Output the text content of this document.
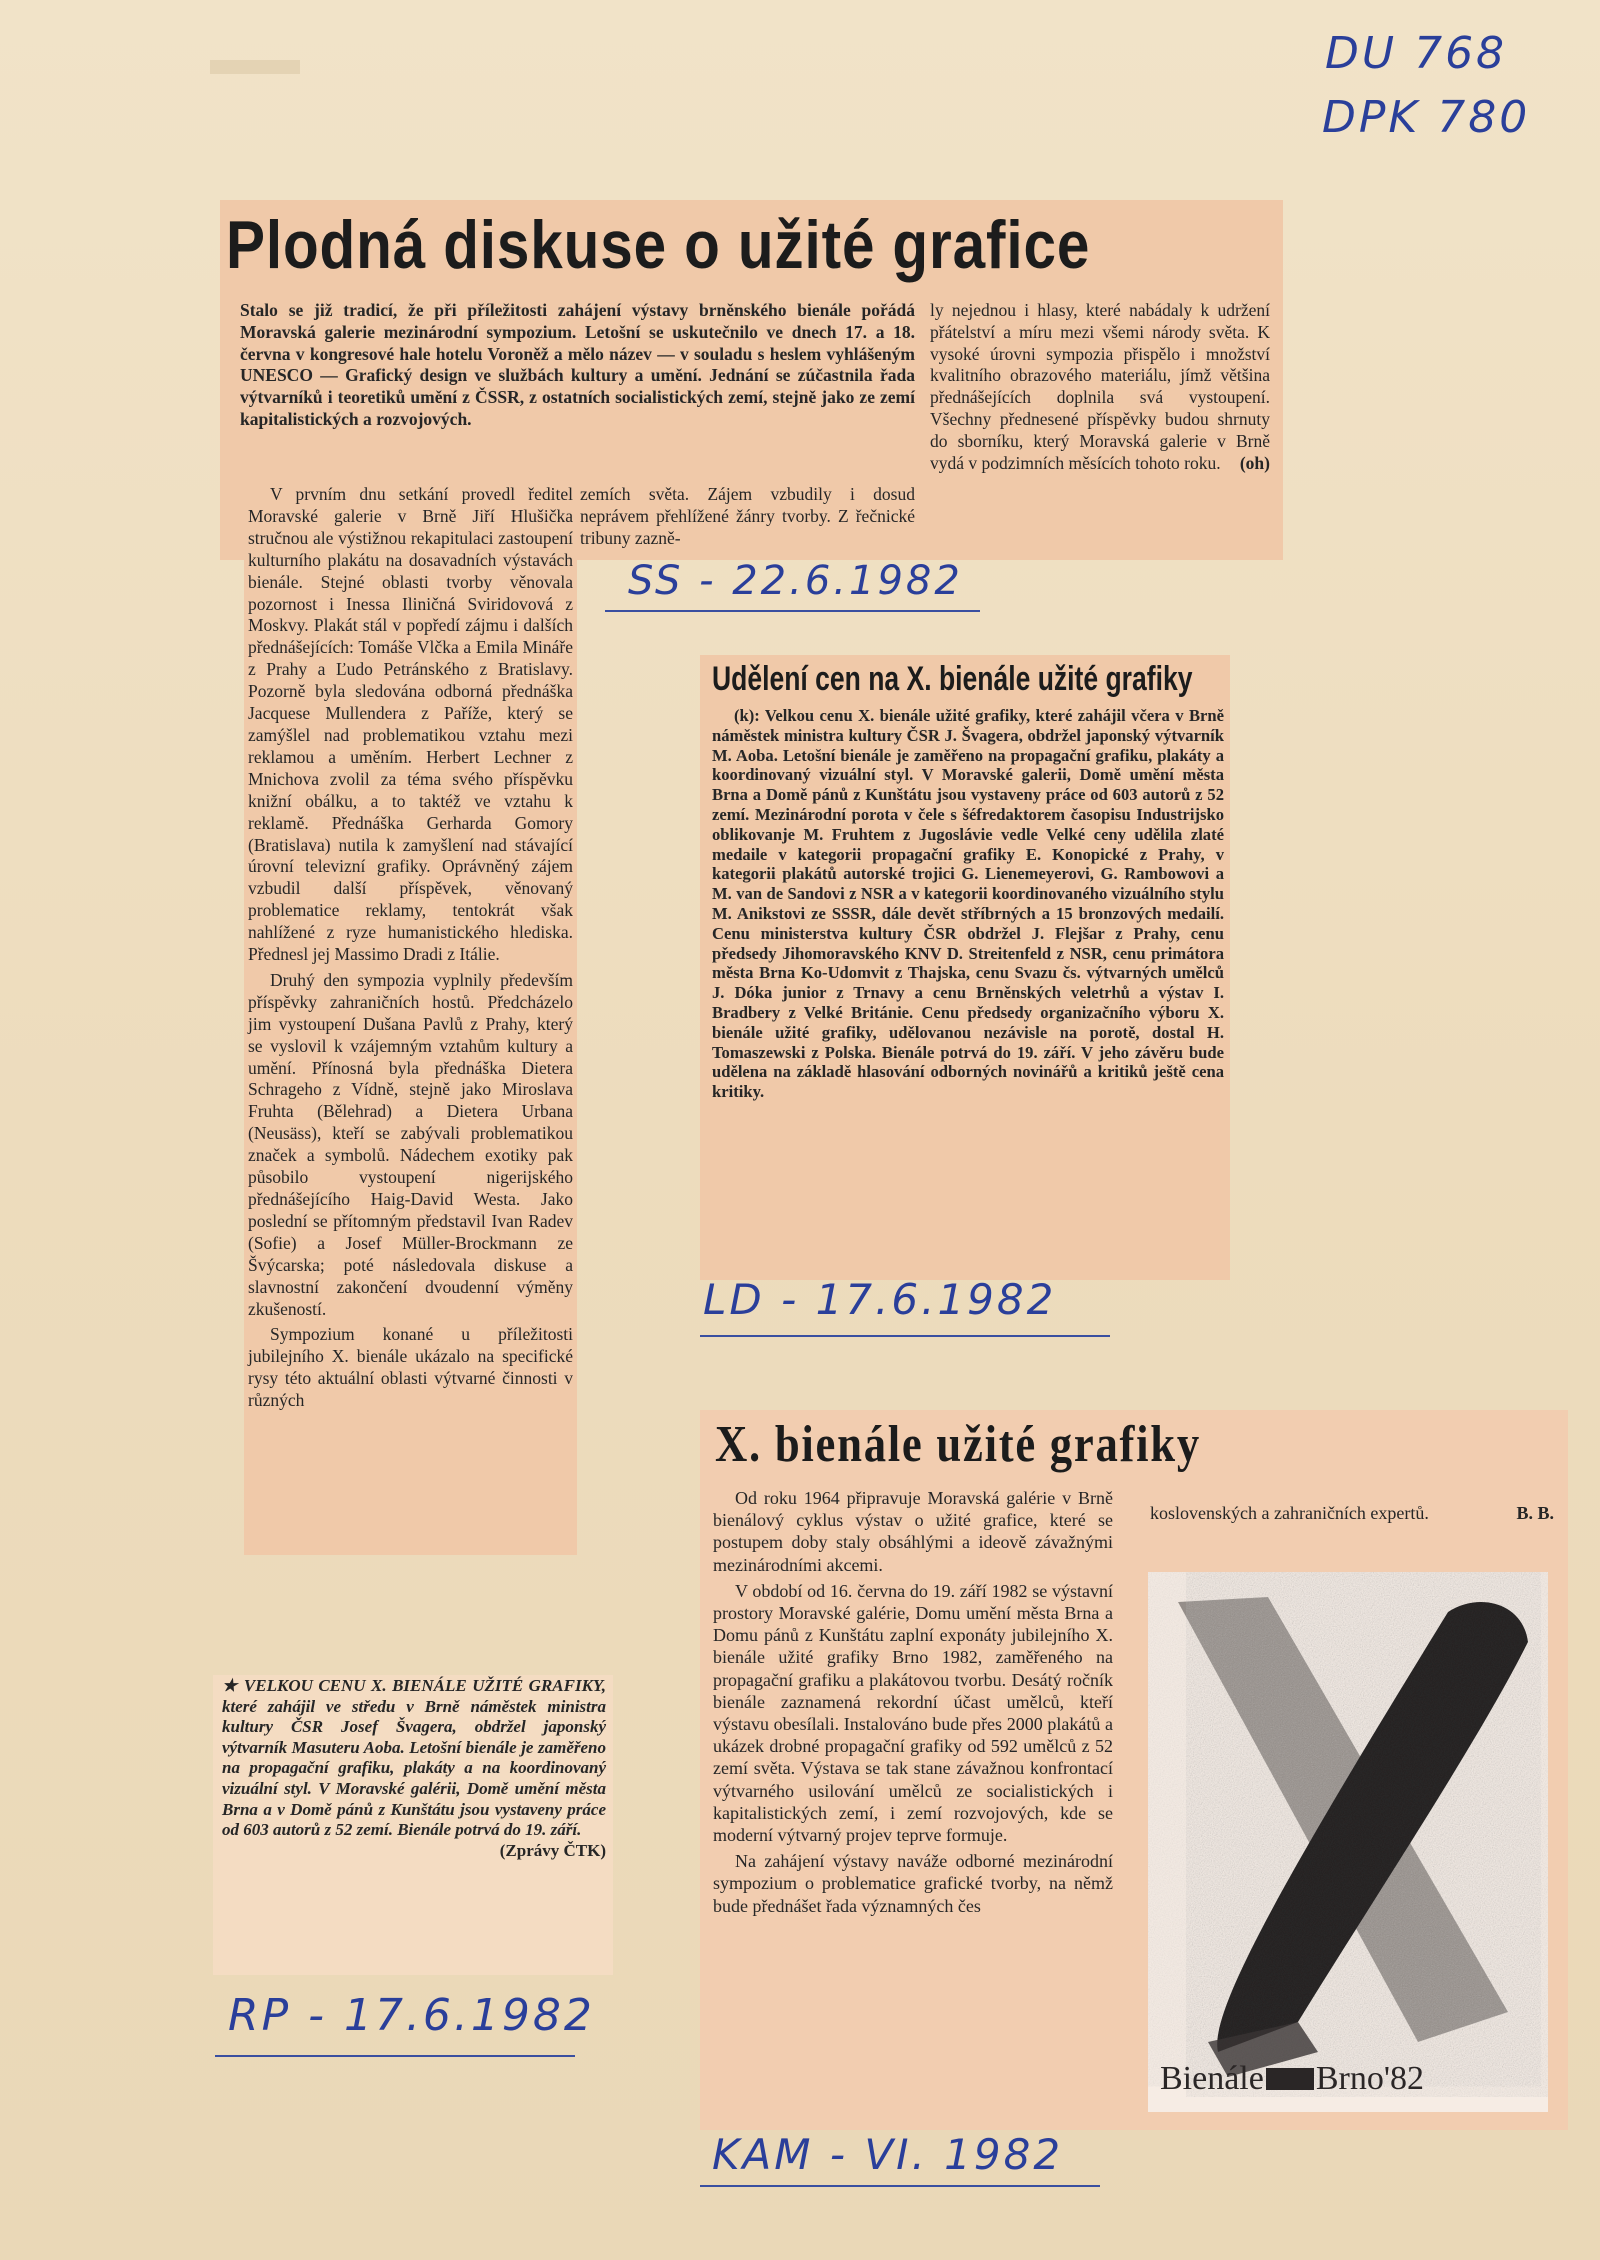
DU 768
DPK 780
Plodná diskuse o užité grafice
Stalo se již tradicí, že při příležitosti zahájení výstavy brněnského bienále pořádá Moravská galerie mezinárodní sympozium. Letošní se uskutečnilo ve dnech 17. a 18. června v kongresové hale hotelu Voroněž a mělo název — v souladu s heslem vyhlášeným UNESCO — Grafický design ve službách kultury a umění. Jednání se zúčastnila řada výtvarníků i teoretiků umění z ČSSR, z ostatních socialistických zemí, stejně jako ze zemí kapitalistických a rozvojových.
ly nejednou i hlasy, které nabádaly k udržení přátelství a míru mezi všemi národy světa. K vysoké úrovni sympozia přispělo i množství kvalitního obrazového materiálu, jímž většina přednášejících doplnila svá vystoupení. Všechny přednesené příspěvky budou shrnuty do sborníku, který Moravská galerie v Brně vydá v podzimních měsících tohoto roku. (oh)
zemích světa. Zájem vzbudily i dosud neprávem přehlížené žánry tvorby. Z řečnické tribuny zazně-

V prvním dnu setkání provedl ředitel Moravské galerie v Brně Jiří Hlušička stručnou ale výstižnou rekapitulaci zastoupení kulturního plakátu na dosavadních výstavách bienále. Stejné oblasti tvorby věnovala pozornost i Inessa Iliničná Sviridovová z Moskvy. Plakát stál v popředí zájmu i dalších přednášejících: Tomáše Vlčka a Emila Mináře z Prahy a Ľudo Petránského z Bratislavy. Pozorně byla sledována odborná přednáška Jacquese Mullendera z Paříže, který se zamýšlel nad problematikou vztahu mezi reklamou a uměním. Herbert Lechner z Mnichova zvolil za téma svého příspěvku knižní obálku, a to taktéž ve vztahu k reklamě. Přednáška Gerharda Gomory (Bratislava) nutila k zamyšlení nad stávající úrovní televizní grafiky. Oprávněný zájem vzbudil další příspěvek, věnovaný problematice reklamy, tentokrát však nahlížené z ryze humanistického hlediska. Přednesl jej Massimo Dradi z Itálie.

Druhý den sympozia vyplnily především příspěvky zahraničních hostů. Předcházelo jim vystoupení Dušana Pavlů z Prahy, který se vyslovil k vzájemným vztahům kultury a umění. Přínosná byla přednáška Dietera Schrageho z Vídně, stejně jako Miroslava Fruhta (Bělehrad) a Dietera Urbana (Neusäss), kteří se zabývali problematikou značek a symbolů. Nádechem exotiky pak působilo vystoupení nigerijského přednášejícího Haig-David Westa. Jako poslední se přítomným představil Ivan Radev (Sofie) a Josef Müller-Brockmann ze Švýcarska; poté následovala diskuse a slavnostní zakončení dvoudenní výměny zkušeností.

Sympozium konané u příležitosti jubilejního X. bienále ukázalo na specifické rysy této aktuální oblasti výtvarné činnosti v různých

SS - 22.6.1982
Udělení cen na X. bienále užité grafiky
(k): Velkou cenu X. bienále užité grafiky, které zahájil včera v Brně náměstek ministra kultury ČSR J. Švagera, obdržel japonský výtvarník M. Aoba. Letošní bienále je zaměřeno na propagační grafiku, plakáty a koordinovaný vizuální styl. V Moravské galerii, Domě umění města Brna a Domě pánů z Kunštátu jsou vystaveny práce od 603 autorů z 52 zemí. Mezinárodní porota v čele s šéfredaktorem časopisu Industrijsko oblikovanje M. Fruhtem z Jugoslávie vedle Velké ceny udělila zlaté medaile v kategorii propagační grafiky E. Konopické z Prahy, v kategorii plakátů autorské trojici G. Lienemeyerovi, G. Rambowovi a M. van de Sandovi z NSR a v kategorii koordinovaného vizuálního stylu M. Anikstovi ze SSSR, dále devět stříbrných a 15 bronzových medailí. Cenu ministerstva kultury ČSR obdržel J. Flejšar z Prahy, cenu předsedy Jihomoravského KNV D. Streitenfeld z NSR, cenu primátora města Brna Ko-Udomvit z Thajska, cenu Svazu čs. výtvarných umělců J. Dóka junior z Trnavy a cenu Brněnských veletrhů a výstav I. Bradbery z Velké Británie. Cenu předsedy organizačního výboru X. bienále užité grafiky, udělovanou nezávisle na porotě, dostal H. Tomaszewski z Polska. Bienále potrvá do 19. září. V jeho závěru bude udělena na základě hlasování odborných novinářů a kritiků ještě cena kritiky.
LD - 17.6.1982
★ VELKOU CENU X. BIENÁLE UŽITÉ GRAFIKY, které zahájil ve středu v Brně náměstek ministra kultury ČSR Josef Švagera, obdržel japonský výtvarník Masuteru Aoba. Letošní bienále je zaměřeno na propagační grafiku, plakáty a na koordinovaný vizuální styl. V Moravské galérii, Domě umění města Brna a v Domě pánů z Kunštátu jsou vystaveny práce od 603 autorů z 52 zemí. Bienále potrvá do 19. září.
(Zprávy ČTK)
RP - 17.6.1982
X. bienále užité grafiky

Od roku 1964 připravuje Moravská galérie v Brně bienálový cyklus výstav o užité grafice, které se postupem doby staly obsáhlými a ideově závažnými mezinárodními akcemi.

V období od 16. června do 19. září 1982 se výstavní prostory Moravské galérie, Domu umění města Brna a Domu pánů z Kunštátu zaplní exponáty jubilejního X. bienále užité grafiky Brno 1982, zaměřeného na propagační grafiku a plakátovou tvorbu. Desátý ročník bienále zaznamená rekordní účast umělců, kteří výstavu obesílali. Instalováno bude přes 2000 plakátů a ukázek drobné propagační grafiky od 592 umělců z 52 zemí světa. Výstava se tak stane závažnou konfrontací výtvarného usilování umělců ze socialistických i kapitalistických zemí, i zemí rozvojových, kde se moderní výtvarný projev teprve formuje.

Na zahájení výstavy naváže odborné mezinárodní sympozium o problematice grafické tvorby, na němž bude přednášet řada významných čes

koslovenských a zahraničních expertů.	B. B.
Bienále Brno'82
KAM - VI. 1982
